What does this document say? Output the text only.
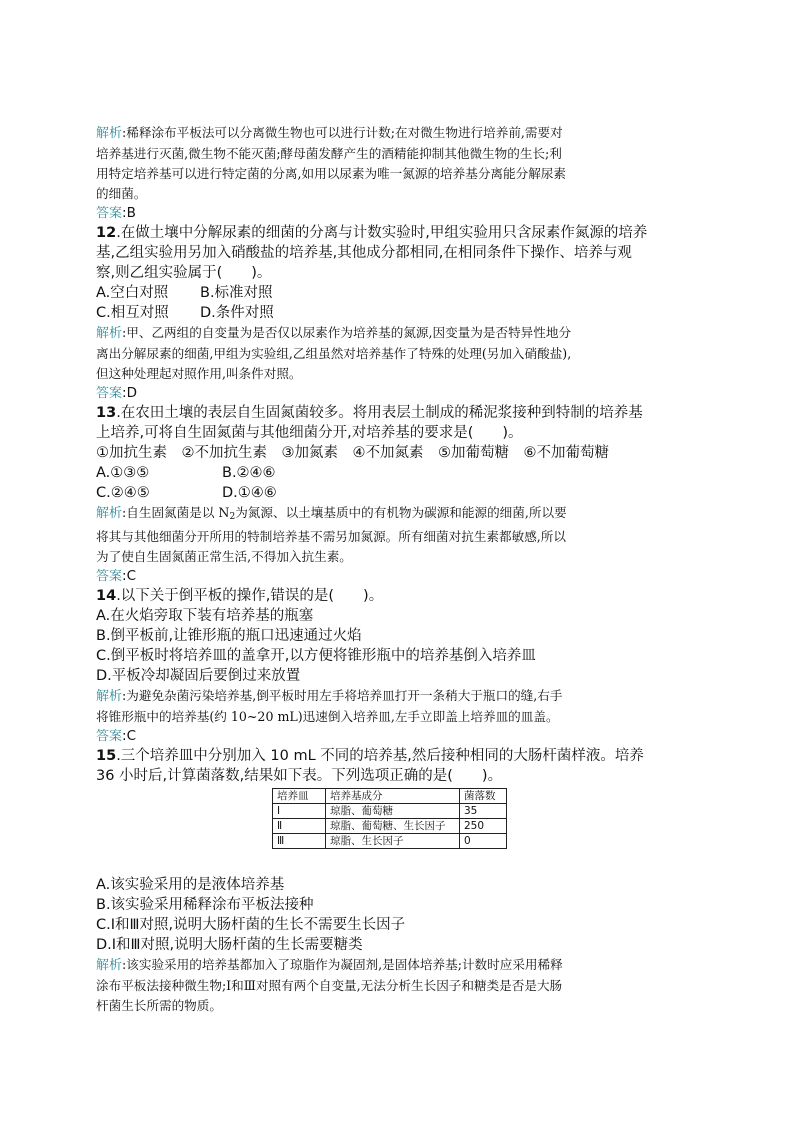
解析:稀释涂布平板法可以分离微生物也可以进行计数;在对微生物进行培养前,需要对
培养基进行灭菌,微生物不能灭菌;酵母菌发酵产生的酒精能抑制其他微生物的生长;利
用特定培养基可以进行特定菌的分离,如用以尿素为唯一氮源的培养基分离能分解尿素
的细菌。
答案:B
12.在做土壤中分解尿素的细菌的分离与计数实验时,甲组实验用只含尿素作氮源的培养
基,乙组实验用另加入硝酸盐的培养基,其他成分都相同,在相同条件下操作、培养与观
察,则乙组实验属于(　　)。
A.空白对照	B.标准对照
C.相互对照	D.条件对照
解析:甲、乙两组的自变量为是否仅以尿素作为培养基的氮源,因变量为是否特异性地分
离出分解尿素的细菌,甲组为实验组,乙组虽然对培养基作了特殊的处理(另加入硝酸盐),
但这种处理起对照作用,叫条件对照。
答案:D
13.在农田土壤的表层自生固氮菌较多。将用表层土制成的稀泥浆接种到特制的培养基
上培养,可将自生固氮菌与其他细菌分开,对培养基的要求是(　　)。
①加抗生素　②不加抗生素　③加氮素　④不加氮素　⑤加葡萄糖　⑥不加葡萄糖
A.①③⑤	B.②④⑥
C.②④⑤	D.①④⑥
解析:自生固氮菌是以 $N_2$为氮源、以土壤基质中的有机物为碳源和能源的细菌,所以要
将其与其他细菌分开所用的特制培养基不需另加氮源。所有细菌对抗生素都敏感,所以
为了使自生固氮菌正常生活,不得加入抗生素。
答案:C
14.以下关于倒平板的操作,错误的是(　　)。
A.在火焰旁取下装有培养基的瓶塞
B.倒平板前,让锥形瓶的瓶口迅速通过火焰
C.倒平板时将培养皿的盖拿开,以方便将锥形瓶中的培养基倒入培养皿
D.平板冷却凝固后要倒过来放置
解析:为避免杂菌污染培养基,倒平板时用左手将培养皿打开一条稍大于瓶口的缝,右手
将锥形瓶中的培养基(约 10~20 mL)迅速倒入培养皿,左手立即盖上培养皿的皿盖。
答案:C
15.三个培养皿中分别加入 10 mL 不同的培养基,然后接种相同的大肠杆菌样液。培养
36 小时后,计算菌落数,结果如下表。下列选项正确的是(　　)。
培养皿	培养基成分	菌落数
Ⅰ	琼脂、葡萄糖	35
Ⅱ	琼脂、葡萄糖、生长因子	250
Ⅲ	琼脂、生长因子	0
A.该实验采用的是液体培养基
B.该实验采用稀释涂布平板法接种
C.Ⅰ和Ⅲ对照,说明大肠杆菌的生长不需要生长因子
D.Ⅰ和Ⅲ对照,说明大肠杆菌的生长需要糖类
解析:该实验采用的培养基都加入了琼脂作为凝固剂,是固体培养基;计数时应采用稀释
涂布平板法接种微生物;Ⅰ和Ⅲ对照有两个自变量,无法分析生长因子和糖类是否是大肠
杆菌生长所需的物质。
